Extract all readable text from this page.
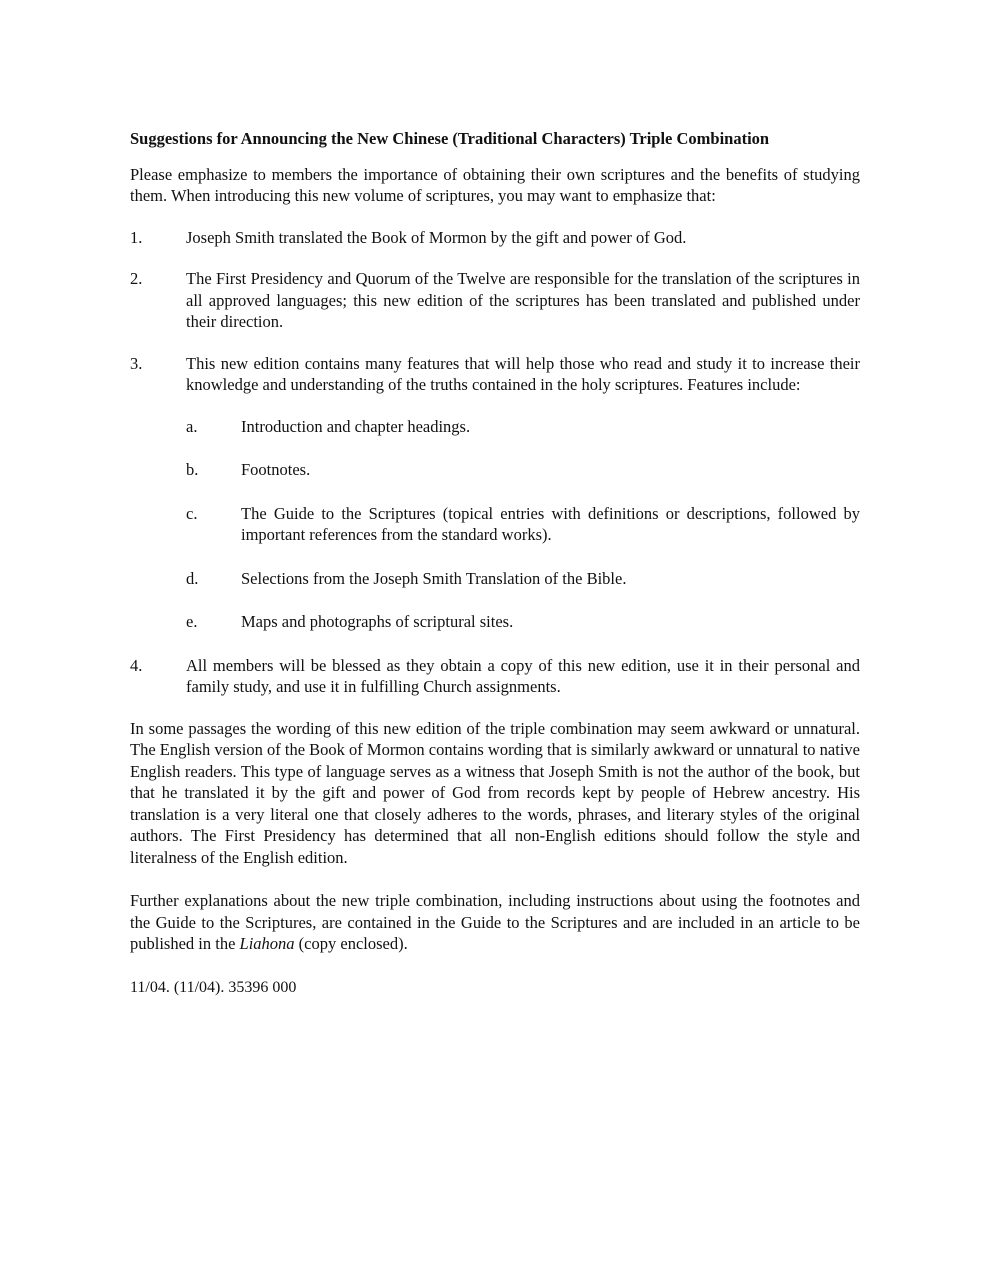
Suggestions for Announcing the New Chinese (Traditional Characters) Triple Combination

Please emphasize to members the importance of obtaining their own scriptures and the benefits of studying them. When introducing this new volume of scriptures, you may want to emphasize that:

1.	Joseph Smith translated the Book of Mormon by the gift and power of God.
2.	The First Presidency and Quorum of the Twelve are responsible for the translation of the scriptures in all approved languages; this new edition of the scriptures has been translated and published under their direction.
3.	This new edition contains many features that will help those who read and study it to increase their knowledge and understanding of the truths contained in the holy scriptures. Features include:
a.	Introduction and chapter headings.
b.	Footnotes.
c.	The Guide to the Scriptures (topical entries with definitions or descriptions, followed by important references from the standard works).
d.	Selections from the Joseph Smith Translation of the Bible.
e.	Maps and photographs of scriptural sites.
4.	All members will be blessed as they obtain a copy of this new edition, use it in their personal and family study, and use it in fulfilling Church assignments.

In some passages the wording of this new edition of the triple combination may seem awkward or unnatural. The English version of the Book of Mormon contains wording that is similarly awkward or unnatural to native English readers. This type of language serves as a witness that Joseph Smith is not the author of the book, but that he translated it by the gift and power of God from records kept by people of Hebrew ancestry. His translation is a very literal one that closely adheres to the words, phrases, and literary styles of the original authors. The First Presidency has determined that all non-English editions should follow the style and literalness of the English edition.

Further explanations about the new triple combination, including instructions about using the footnotes and the Guide to the Scriptures, are contained in the Guide to the Scriptures and are included in an article to be published in the Liahona (copy enclosed).

11/04. (11/04). 35396 000
